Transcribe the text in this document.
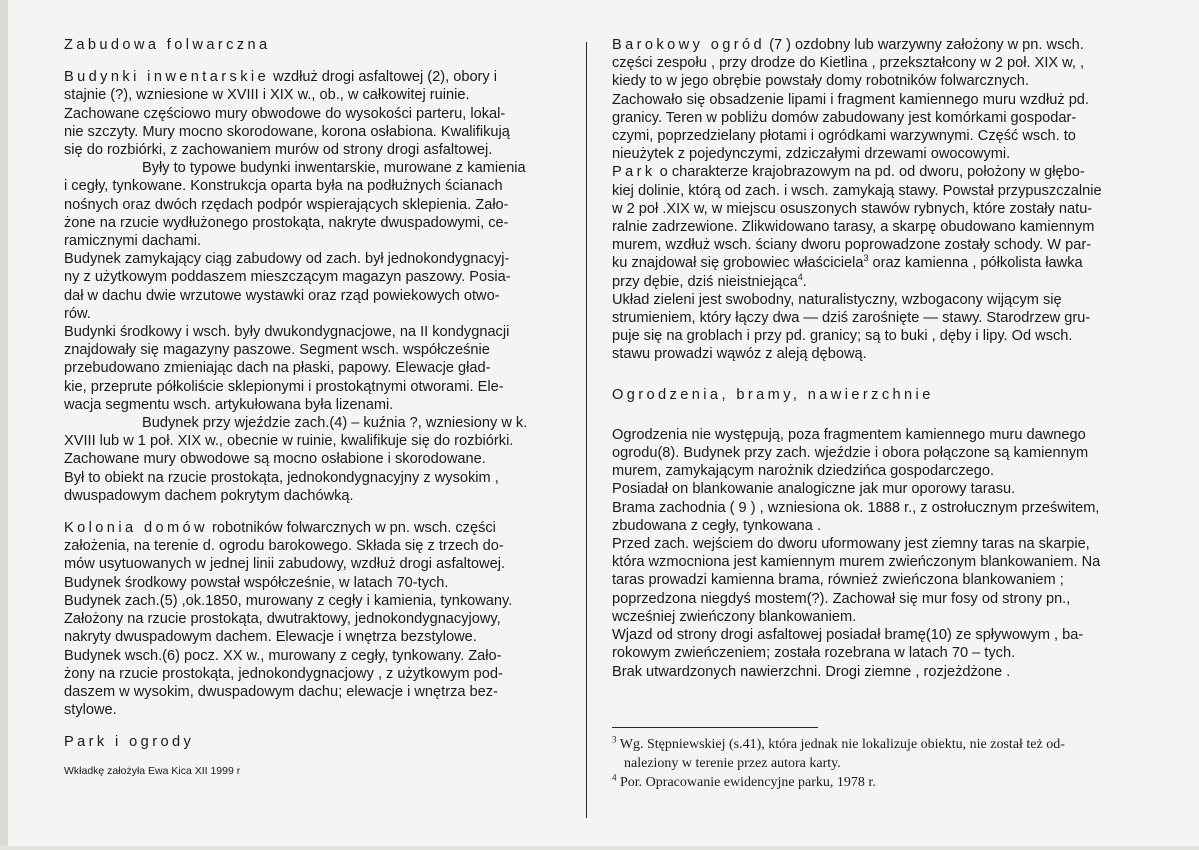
Zabudowa folwarczna

Budynki inwentarskie wzdłuż drogi asfaltowej (2), obory i

stajnie (?), wzniesione w XVIII i XIX w., ob., w całkowitej ruinie.

Zachowane częściowo mury obwodowe do wysokości parteru, lokal-

nie szczyty. Mury mocno skorodowane, korona osłabiona. Kwalifikują

się do rozbiórki, z zachowaniem murów od strony drogi asfaltowej.

Były to typowe budynki inwentarskie, murowane z kamienia

i cegły, tynkowane. Konstrukcja oparta była na podłużnych ścianach

nośnych oraz dwóch rzędach podpór wspierających sklepienia. Zało-

żone na rzucie wydłużonego prostokąta, nakryte dwuspadowymi, ce-

ramicznymi dachami.

Budynek zamykający ciąg zabudowy od zach. był jednokondygnacyj-

ny z użytkowym poddaszem mieszczącym magazyn paszowy. Posia-

dał w dachu dwie wrzutowe wystawki oraz rząd powiekowych otwo-

rów.

Budynki środkowy i wsch. były dwukondygnacjowe, na II kondygnacji

znajdowały się magazyny paszowe. Segment wsch. współcześnie

przebudowano zmieniając dach na płaski, papowy. Elewacje gład-

kie, przeprute półkoliście sklepionymi i prostokątnymi otworami. Ele-

wacja segmentu wsch. artykułowana była lizenami.

Budynek przy wjeździe zach.(4) – kuźnia ?, wzniesiony w k.

XVIII lub w 1 poł. XIX w., obecnie w ruinie, kwalifikuje się do rozbiórki.

Zachowane mury obwodowe są mocno osłabione i skorodowane.

Był to obiekt na rzucie prostokąta, jednokondygnacyjny z wysokim ,

dwuspadowym dachem pokrytym dachówką.

Kolonia domów robotników folwarcznych w pn. wsch. części

założenia, na terenie d. ogrodu barokowego. Składa się z trzech do-

mów usytuowanych w jednej linii zabudowy, wzdłuż drogi asfaltowej.

Budynek środkowy powstał współcześnie, w latach 70-tych.

Budynek zach.(5) ,ok.1850, murowany z cegły i kamienia, tynkowany.

Założony na rzucie prostokąta, dwutraktowy, jednokondygnacyjowy,

nakryty dwuspadowym dachem. Elewacje i wnętrza bezstylowe.

Budynek wsch.(6) pocz. XX w., murowany z cegły, tynkowany. Zało-

żony na rzucie prostokąta, jednokondygnacjowy , z użytkowym pod-

daszem w wysokim, dwuspadowym dachu; elewacje i wnętrza bez-

stylowe.

Park i ogrody

Wkładkę założyła Ewa Kica XII 1999 r

Barokowy ogród (7 ) ozdobny lub warzywny założony w pn. wsch.

części zespołu , przy drodze do Kietlina , przekształcony w 2 poł. XIX w, ,

kiedy to w jego obrębie powstały domy robotników folwarcznych.

Zachowało się obsadzenie lipami i fragment kamiennego muru wzdłuż pd.

granicy. Teren w pobliżu domów zabudowany jest komórkami gospodar-

czymi, poprzedzielany płotami i ogródkami warzywnymi. Część wsch. to

nieużytek z pojedynczymi, zdziczałymi drzewami owocowymi.

Park o charakterze krajobrazowym na pd. od dworu, położony w głębo-

kiej dolinie, którą od zach. i wsch. zamykają stawy. Powstał przypuszczalnie

w 2 poł .XIX w, w miejscu osuszonych stawów rybnych, które zostały natu-

ralnie zadrzewione. Zlikwidowano tarasy, a skarpę obudowano kamiennym

murem, wzdłuż wsch. ściany dworu poprowadzone zostały schody. W par-

ku znajdował się grobowiec właściciela$^3$ oraz kamienna , półkolista ławka

przy dębie, dziś nieistniejąca$^4$.

Układ zieleni jest swobodny, naturalistyczny, wzbogacony wijącym się

strumieniem, który łączy dwa — dziś zarośnięte — stawy. Starodrzew gru-

puje się na groblach i przy pd. granicy; są to buki , dęby i lipy. Od wsch.

stawu prowadzi wąwóz z aleją dębową.

Ogrodzenia, bramy, nawierzchnie

Ogrodzenia nie występują, poza fragmentem kamiennego muru dawnego

ogrodu(8). Budynek przy zach. wjeździe i obora połączone są kamiennym

murem, zamykającym narożnik dziedzińca gospodarczego.

Posiadał on blankowanie analogiczne jak mur oporowy tarasu.

Brama zachodnia ( 9 ) , wzniesiona ok. 1888 r., z ostrołucznym prześwitem,

zbudowana z cegły, tynkowana .

Przed zach. wejściem do dworu uformowany jest ziemny taras na skarpie,

która wzmocniona jest kamiennym murem zwieńczonym blankowaniem. Na

taras prowadzi kamienna brama, również zwieńczona blankowaniem ;

poprzedzona niegdyś mostem(?). Zachował się mur fosy od strony pn.,

wcześniej zwieńczony blankowaniem.

Wjazd od strony drogi asfaltowej posiadał bramę(10) ze spływowym , ba-

rokowym zwieńczeniem; została rozebrana w latach 70 – tych.

Brak utwardzonych nawierzchni. Drogi ziemne , rozjeżdżone .

$^3$ Wg. Stępniewskiej (s.41), która jednak nie lokalizuje obiektu, nie został też od-

naleziony w terenie przez autora karty.

$^4$ Por. Opracowanie ewidencyjne parku, 1978 r.
